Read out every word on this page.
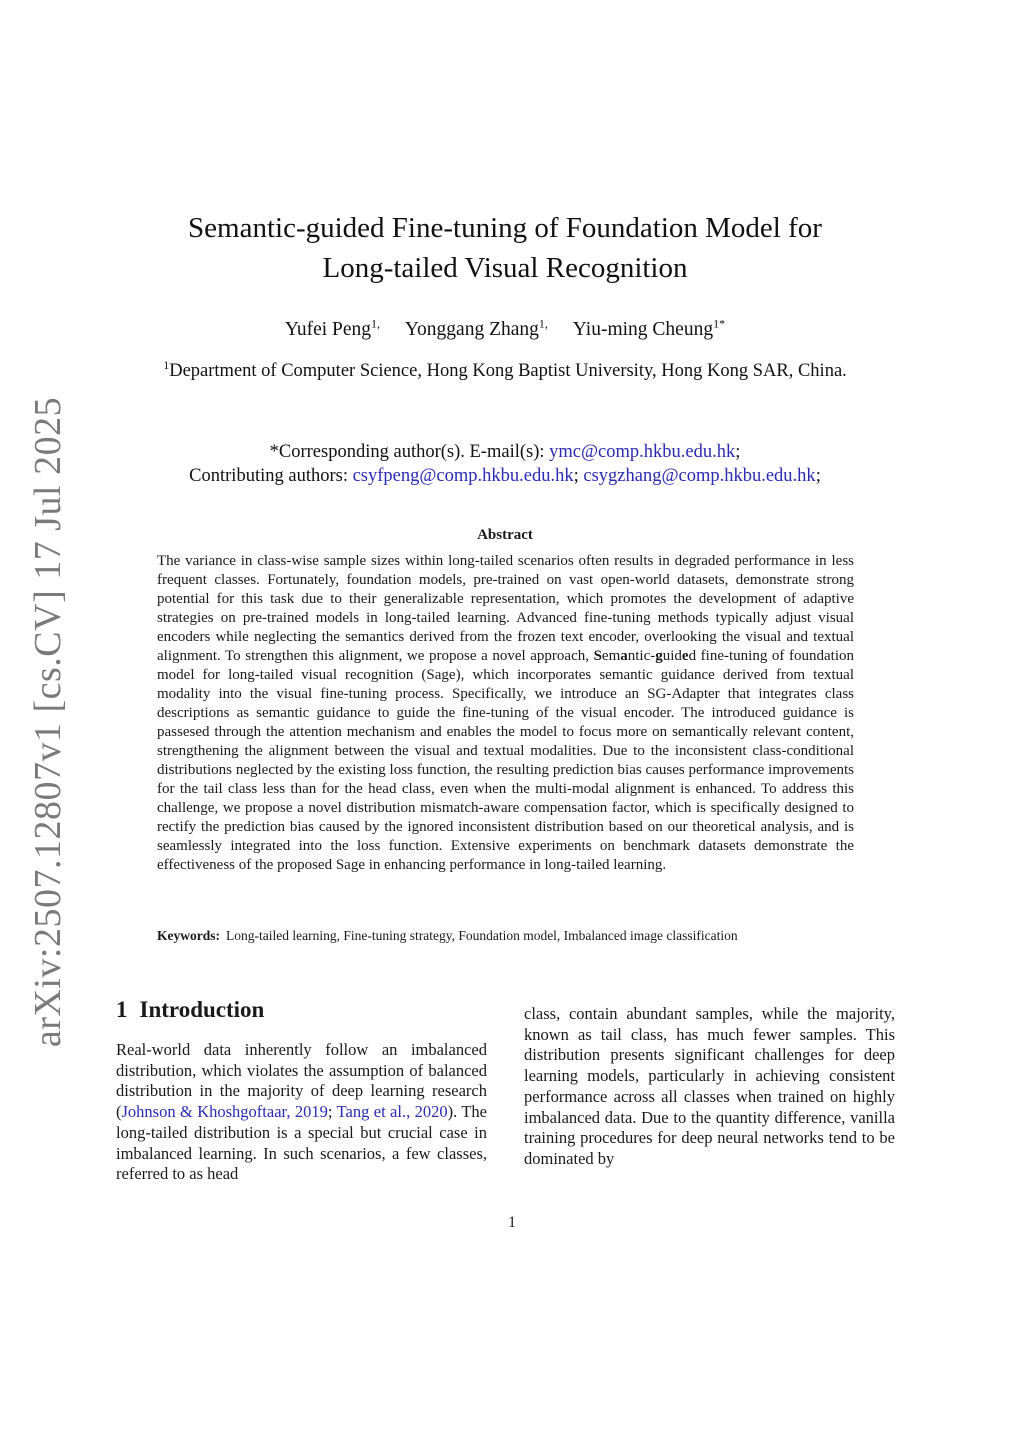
arXiv:2507.12807v1 [cs.CV] 17 Jul 2025
Semantic-guided Fine-tuning of Foundation Model for
Long-tailed Visual Recognition
Yufei Peng$^{1,}$ Yonggang Zhang$^{1,}$ Yiu-ming Cheung$^{1*}$
$^1$Department of Computer Science, Hong Kong Baptist University, Hong Kong SAR, China.
*Corresponding author(s). E-mail(s): ymc@comp.hkbu.edu.hk;
Contributing authors: csyfpeng@comp.hkbu.edu.hk; csygzhang@comp.hkbu.edu.hk;
Abstract

The variance in class-wise sample sizes within long-tailed scenarios often results in degraded performance in less frequent classes. Fortunately, foundation models, pre-trained on vast open-world datasets, demonstrate strong potential for this task due to their generalizable representation, which promotes the development of adaptive strategies on pre-trained models in long-tailed learning. Advanced fine-tuning methods typically adjust visual encoders while neglecting the semantics derived from the frozen text encoder, overlooking the visual and textual alignment. To strengthen this alignment, we propose a novel approach, Semantic-guided fine-tuning of foundation model for long-tailed visual recognition (Sage), which incorporates semantic guidance derived from textual modality into the visual fine-tuning process. Specifically, we introduce an SG-Adapter that integrates class descriptions as semantic guidance to guide the fine-tuning of the visual encoder. The introduced guidance is passesed through the attention mechanism and enables the model to focus more on semantically relevant content, strengthening the alignment between the visual and textual modalities. Due to the inconsistent class-conditional distributions neglected by the existing loss function, the resulting prediction bias causes performance improvements for the tail class less than for the head class, even when the multi-modal alignment is enhanced. To address this challenge, we propose a novel distribution mismatch-aware compensation factor, which is specifically designed to rectify the prediction bias caused by the ignored inconsistent distribution based on our theoretical analysis, and is seamlessly integrated into the loss function. Extensive experiments on benchmark datasets demonstrate the effectiveness of the proposed Sage in enhancing performance in long-tailed learning.

Keywords: Long-tailed learning, Fine-tuning strategy, Foundation model, Imbalanced image classification
1 Introduction

Real-world data inherently follow an imbalanced distribution, which violates the assumption of balanced distribution in the majority of deep learning research (Johnson & Khoshgoftaar, 2019; Tang et al., 2020). The long-tailed distribution is a special but crucial case in imbalanced learning. In such scenarios, a few classes, referred to as head

class, contain abundant samples, while the majority, known as tail class, has much fewer samples. This distribution presents significant challenges for deep learning models, particularly in achieving consistent performance across all classes when trained on highly imbalanced data. Due to the quantity difference, vanilla training procedures for deep neural networks tend to be dominated by

1
